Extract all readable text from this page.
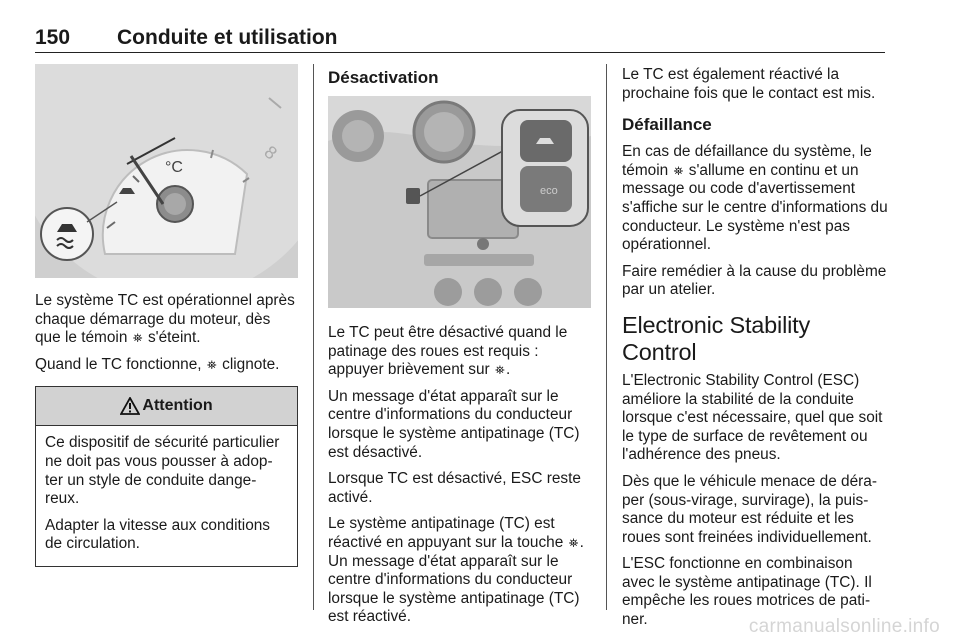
150 Conduite et utilisation
°C
8

Le système TC est opérationnel après chaque démarrage du moteur, dès que le témoin ⛯ s'éteint.

Quand le TC fonctionne, ⛯ clignote.

Attention

Ce dispositif de sécurité particulier ne doit pas vous pousser à adop-ter un style de conduite dange-reux.

Adapter la vitesse aux conditions de circulation.

Désactivation
eco

Le TC peut être désactivé quand le patinage des roues est requis : appuyer brièvement sur ⛯.

Un message d'état apparaît sur le centre d'informations du conducteur lorsque le système antipatinage (TC) est désactivé.

Lorsque TC est désactivé, ESC reste activé.

Le système antipatinage (TC) est réactivé en appuyant sur la touche ⛯. Un message d'état apparaît sur le centre d'informations du conducteur lorsque le système antipatinage (TC) est réactivé.

Le TC est également réactivé la prochaine fois que le contact est mis.

Défaillance

En cas de défaillance du système, le témoin ⛯ s'allume en continu et un message ou code d'avertissement s'affiche sur le centre d'informations du conducteur. Le système n'est pas opérationnel.

Faire remédier à la cause du problème par un atelier.

Electronic Stability Control

L'Electronic Stability Control (ESC) améliore la stabilité de la conduite lorsque c'est nécessaire, quel que soit le type de surface de revêtement ou l'adhérence des pneus.

Dès que le véhicule menace de déra-per (sous-virage, survirage), la puis-sance du moteur est réduite et les roues sont freinées individuellement.

L'ESC fonctionne en combinaison avec le système antipatinage (TC). Il empêche les roues motrices de pati-ner.	carmanualsonline.info
